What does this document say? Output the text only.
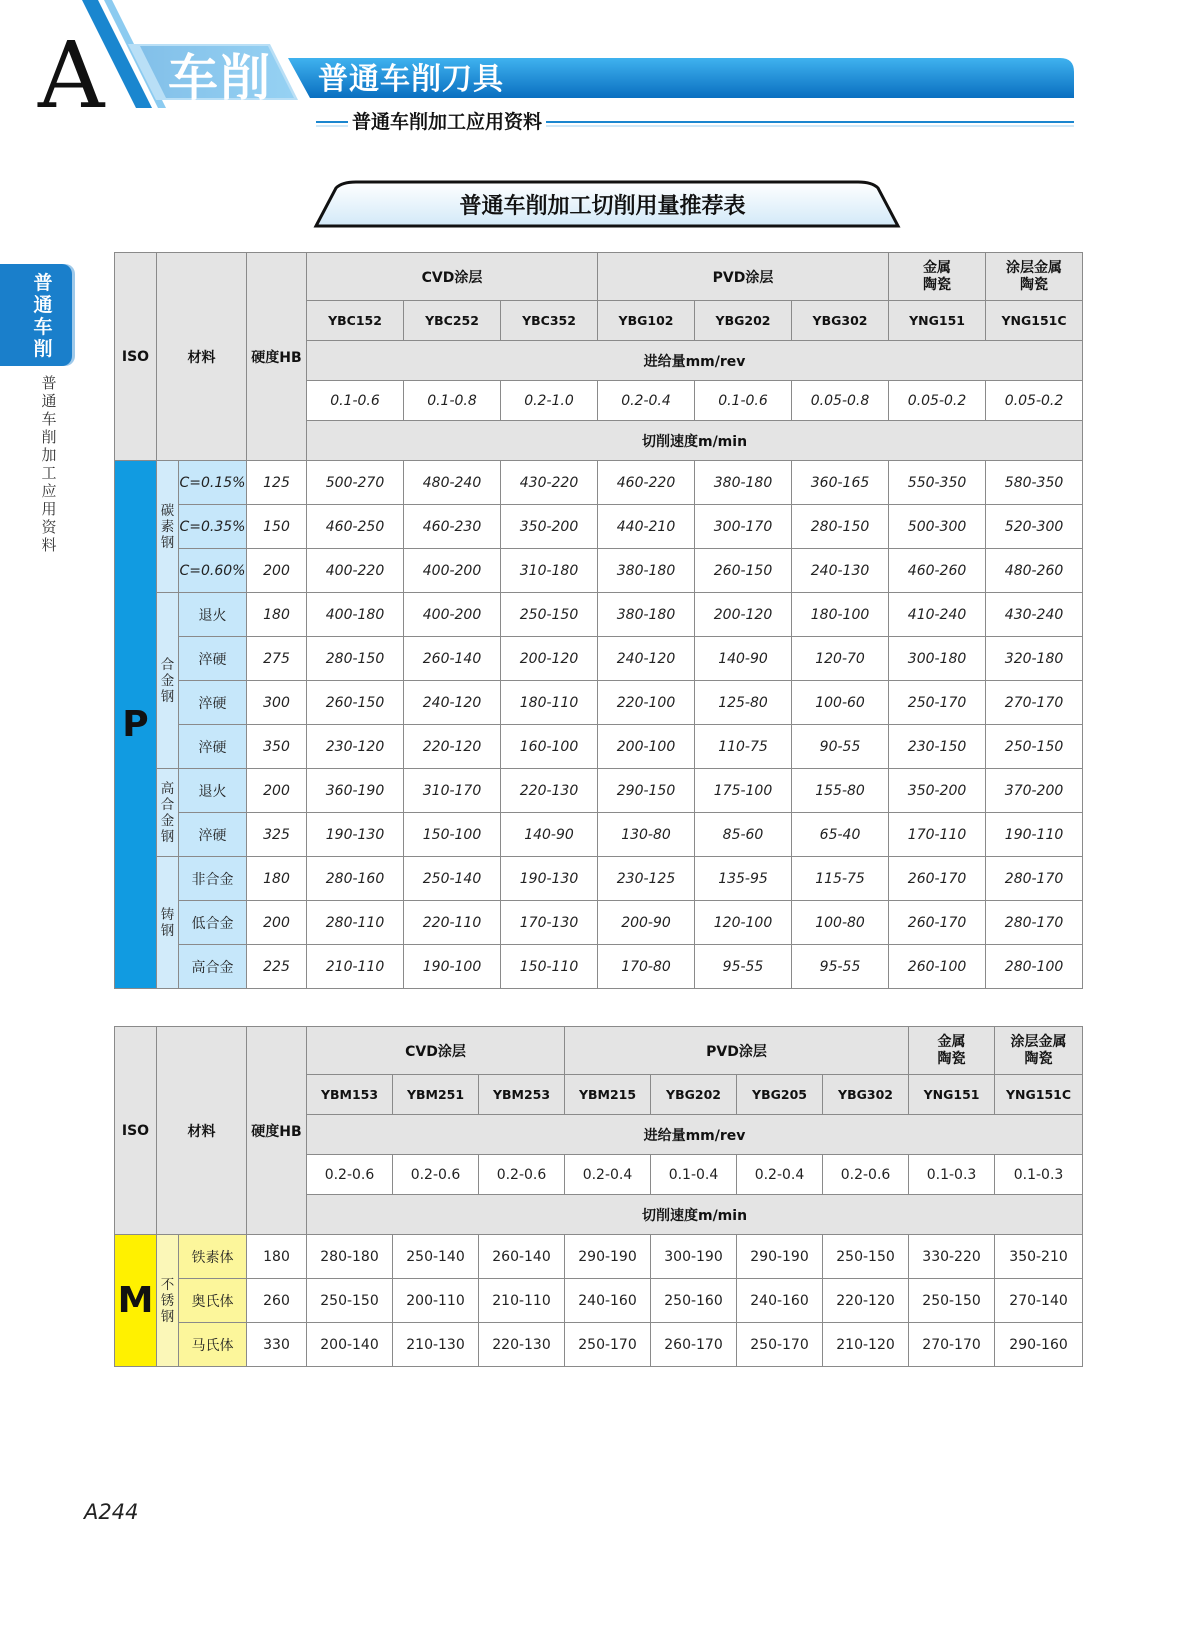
A 车削 普通车削刀具
普通车削加工应用资料
普通车削加工切削用量推荐表
普通车削
普通车削加工应用资料
ISO	材料		硬度HB	CVD涂层			PVD涂层			金属陶瓷	涂层金属陶瓷
				YBC152	YBC252	YBC352	YBG102	YBG202	YBG302	YNG151	YNG151C
				进给量mm/rev							
				0.1-0.6	0.1-0.8	0.2-1.0	0.2-0.4	0.1-0.6	0.05-0.8	0.05-0.2	0.05-0.2
				切削速度m/min							
P	碳素钢	C=0.15%	125	500-270	480-240	430-220	460-220	380-180	360-165	550-350	580-350
		C=0.35%	150	460-250	460-230	350-200	440-210	300-170	280-150	500-300	520-300
		C=0.60%	200	400-220	400-200	310-180	380-180	260-150	240-130	460-260	480-260
	合金钢	退火	180	400-180	400-200	250-150	380-180	200-120	180-100	410-240	430-240
		淬硬	275	280-150	260-140	200-120	240-120	140-90	120-70	300-180	320-180
		淬硬	300	260-150	240-120	180-110	220-100	125-80	100-60	250-170	270-170
		淬硬	350	230-120	220-120	160-100	200-100	110-75	90-55	230-150	250-150
	高合金钢	退火	200	360-190	310-170	220-130	290-150	175-100	155-80	350-200	370-200
		淬硬	325	190-130	150-100	140-90	130-80	85-60	65-40	170-110	190-110
	铸钢	非合金	180	280-160	250-140	190-130	230-125	135-95	115-75	260-170	280-170
		低合金	200	280-110	220-110	170-130	200-90	120-100	100-80	260-170	280-170
		高合金	225	210-110	190-100	150-110	170-80	95-55	95-55	260-100	280-100
ISO	材料		硬度HB	CVD涂层			PVD涂层				金属陶瓷	涂层金属陶瓷
				YBM153	YBM251	YBM253	YBM215	YBG202	YBG205	YBG302	YNG151	YNG151C
				进给量mm/rev								
				0.2-0.6	0.2-0.6	0.2-0.6	0.2-0.4	0.1-0.4	0.2-0.4	0.2-0.6	0.1-0.3	0.1-0.3
				切削速度m/min								
M	不锈钢	铁素体	180	280-180	250-140	260-140	290-190	300-190	290-190	250-150	330-220	350-210
		奥氏体	260	250-150	200-110	210-110	240-160	250-160	240-160	220-120	250-150	270-140
		马氏体	330	200-140	210-130	220-130	250-170	260-170	250-170	210-120	270-170	290-160
A244
